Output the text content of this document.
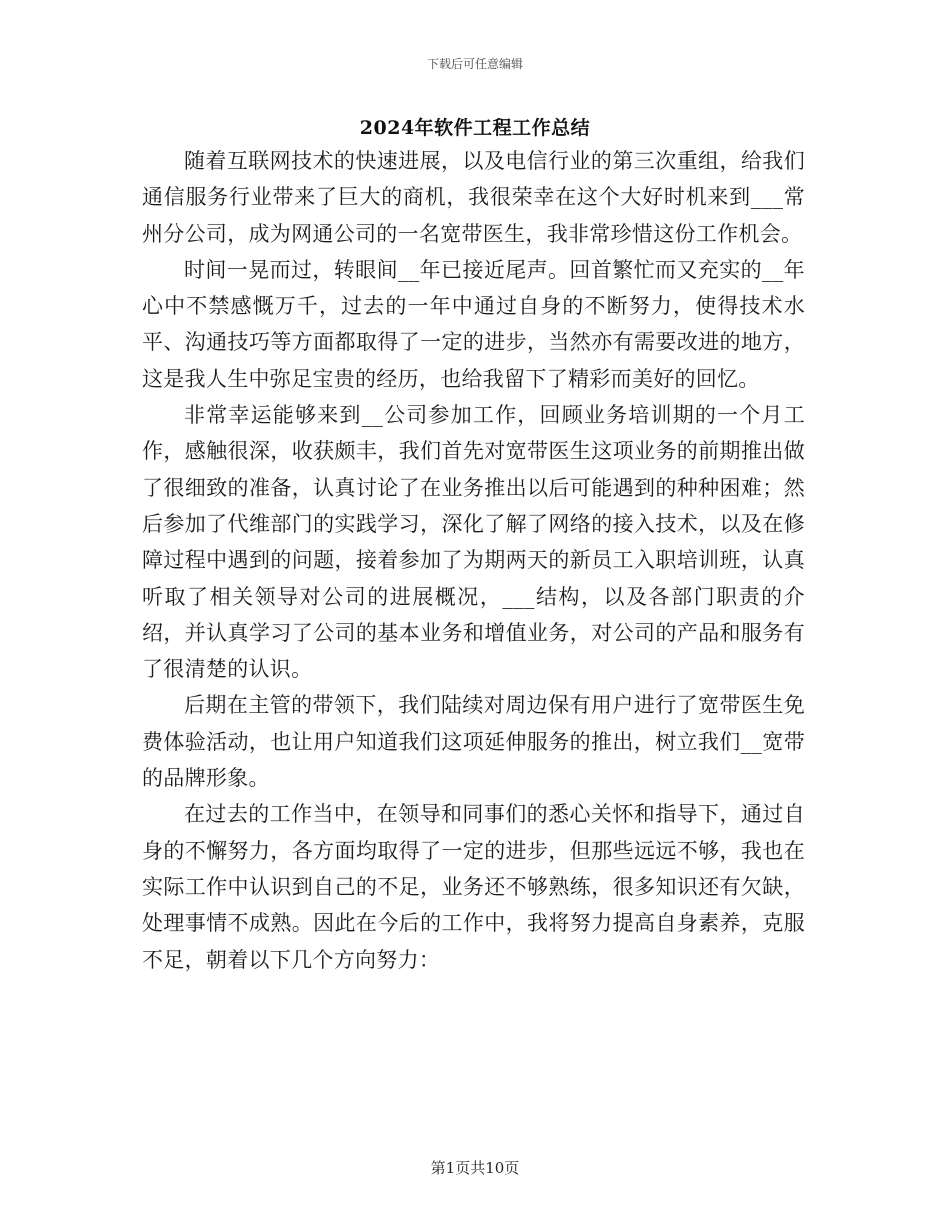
下载后可任意编辑
2024年软件工程工作总结

随着互联网技术的快速进展，以及电信行业的第三次重组，给我们通信服务行业带来了巨大的商机，我很荣幸在这个大好时机来到___常州分公司，成为网通公司的一名宽带医生，我非常珍惜这份工作机会。

时间一晃而过，转眼间__年已接近尾声。回首繁忙而又充实的__年心中不禁感慨万千，过去的一年中通过自身的不断努力，使得技术水平、沟通技巧等方面都取得了一定的进步，当然亦有需要改进的地方，这是我人生中弥足宝贵的经历，也给我留下了精彩而美好的回忆。

非常幸运能够来到__公司参加工作，回顾业务培训期的一个月工作，感触很深，收获颇丰，我们首先对宽带医生这项业务的前期推出做了很细致的准备，认真讨论了在业务推出以后可能遇到的种种困难；然后参加了代维部门的实践学习，深化了解了网络的接入技术，以及在修障过程中遇到的问题，接着参加了为期两天的新员工入职培训班，认真听取了相关领导对公司的进展概况，___结构，以及各部门职责的介绍，并认真学习了公司的基本业务和增值业务，对公司的产品和服务有了很清楚的认识。

后期在主管的带领下，我们陆续对周边保有用户进行了宽带医生免费体验活动，也让用户知道我们这项延伸服务的推出，树立我们__宽带的品牌形象。

在过去的工作当中，在领导和同事们的悉心关怀和指导下，通过自身的不懈努力，各方面均取得了一定的进步，但那些远远不够，我也在实际工作中认识到自己的不足，业务还不够熟练，很多知识还有欠缺，处理事情不成熟。因此在今后的工作中，我将努力提高自身素养，克服不足，朝着以下几个方向努力：

第1页共10页
